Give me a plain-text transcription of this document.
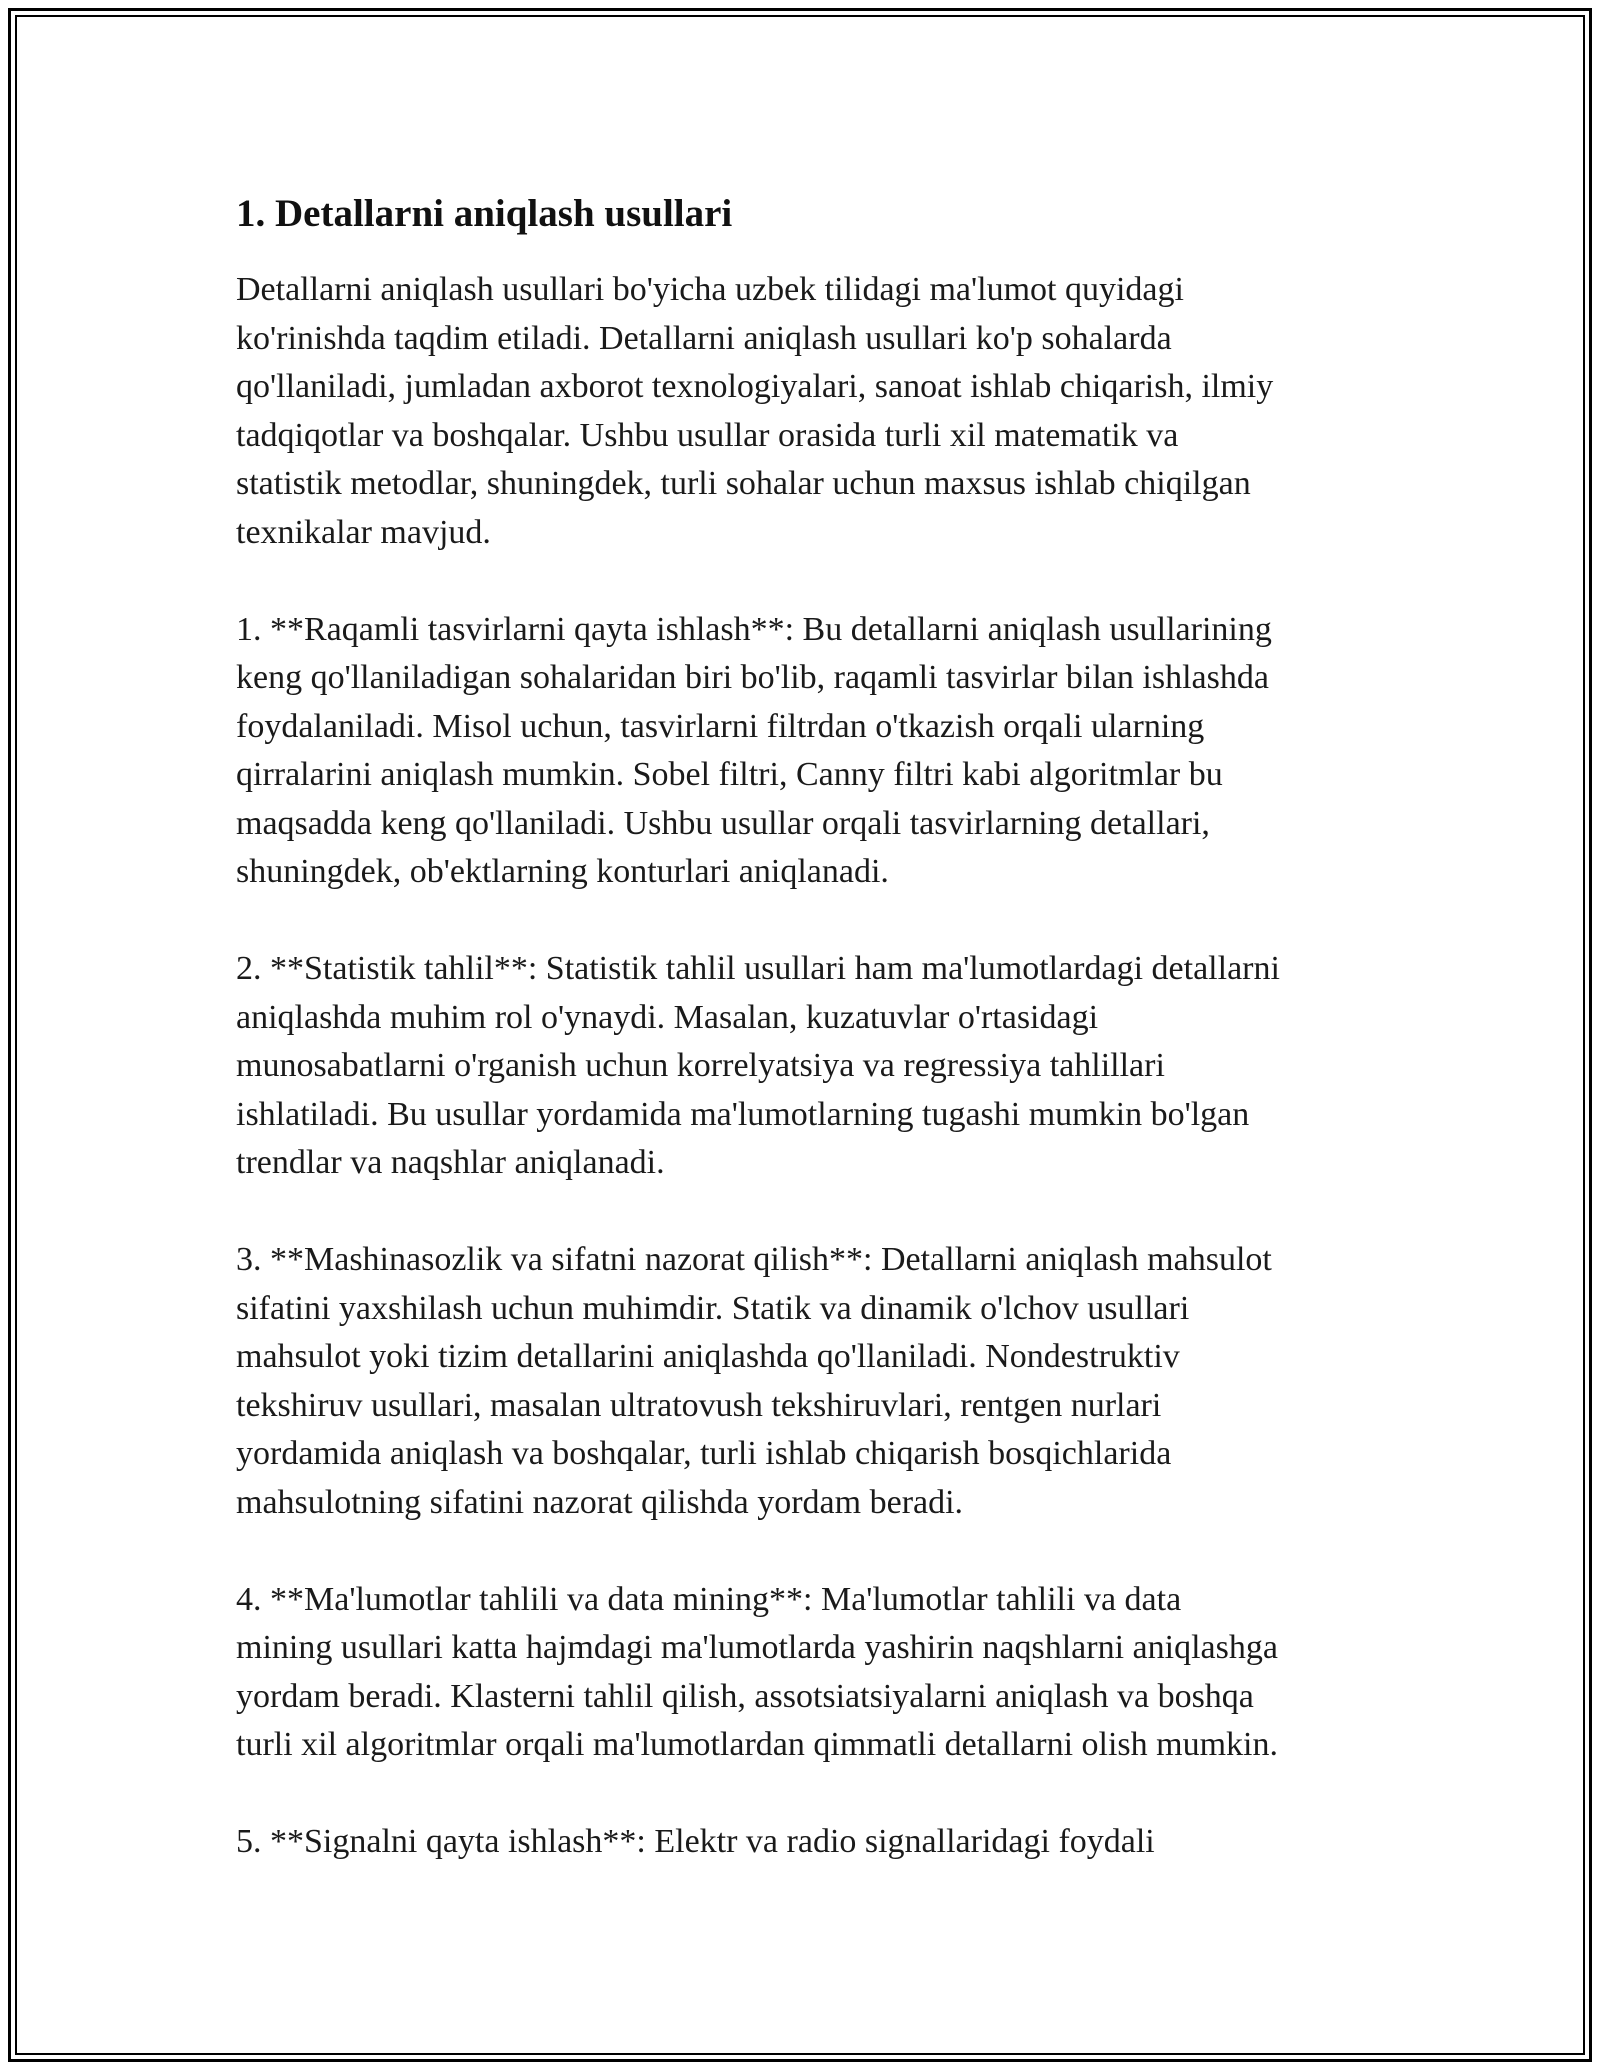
1. Detallarni aniqlash usullari
Detallarni aniqlash usullari bo'yicha uzbek tilidagi ma'lumot quyidagi
ko'rinishda taqdim etiladi. Detallarni aniqlash usullari ko'p sohalarda
qo'llaniladi, jumladan axborot texnologiyalari, sanoat ishlab chiqarish, ilmiy
tadqiqotlar va boshqalar. Ushbu usullar orasida turli xil matematik va
statistik metodlar, shuningdek, turli sohalar uchun maxsus ishlab chiqilgan
texnikalar mavjud.
1. **Raqamli tasvirlarni qayta ishlash**: Bu detallarni aniqlash usullarining
keng qo'llaniladigan sohalaridan biri bo'lib, raqamli tasvirlar bilan ishlashda
foydalaniladi. Misol uchun, tasvirlarni filtrdan o'tkazish orqali ularning
qirralarini aniqlash mumkin. Sobel filtri, Canny filtri kabi algoritmlar bu
maqsadda keng qo'llaniladi. Ushbu usullar orqali tasvirlarning detallari,
shuningdek, ob'ektlarning konturlari aniqlanadi.
2. **Statistik tahlil**: Statistik tahlil usullari ham ma'lumotlardagi detallarni
aniqlashda muhim rol o'ynaydi. Masalan, kuzatuvlar o'rtasidagi
munosabatlarni o'rganish uchun korrelyatsiya va regressiya tahlillari
ishlatiladi. Bu usullar yordamida ma'lumotlarning tugashi mumkin bo'lgan
trendlar va naqshlar aniqlanadi.
3. **Mashinasozlik va sifatni nazorat qilish**: Detallarni aniqlash mahsulot
sifatini yaxshilash uchun muhimdir. Statik va dinamik o'lchov usullari
mahsulot yoki tizim detallarini aniqlashda qo'llaniladi. Nondestruktiv
tekshiruv usullari, masalan ultratovush tekshiruvlari, rentgen nurlari
yordamida aniqlash va boshqalar, turli ishlab chiqarish bosqichlarida
mahsulotning sifatini nazorat qilishda yordam beradi.
4. **Ma'lumotlar tahlili va data mining**: Ma'lumotlar tahlili va data
mining usullari katta hajmdagi ma'lumotlarda yashirin naqshlarni aniqlashga
yordam beradi. Klasterni tahlil qilish, assotsiatsiyalarni aniqlash va boshqa
turli xil algoritmlar orqali ma'lumotlardan qimmatli detallarni olish mumkin.
5. **Signalni qayta ishlash**: Elektr va radio signallaridagi foydali
